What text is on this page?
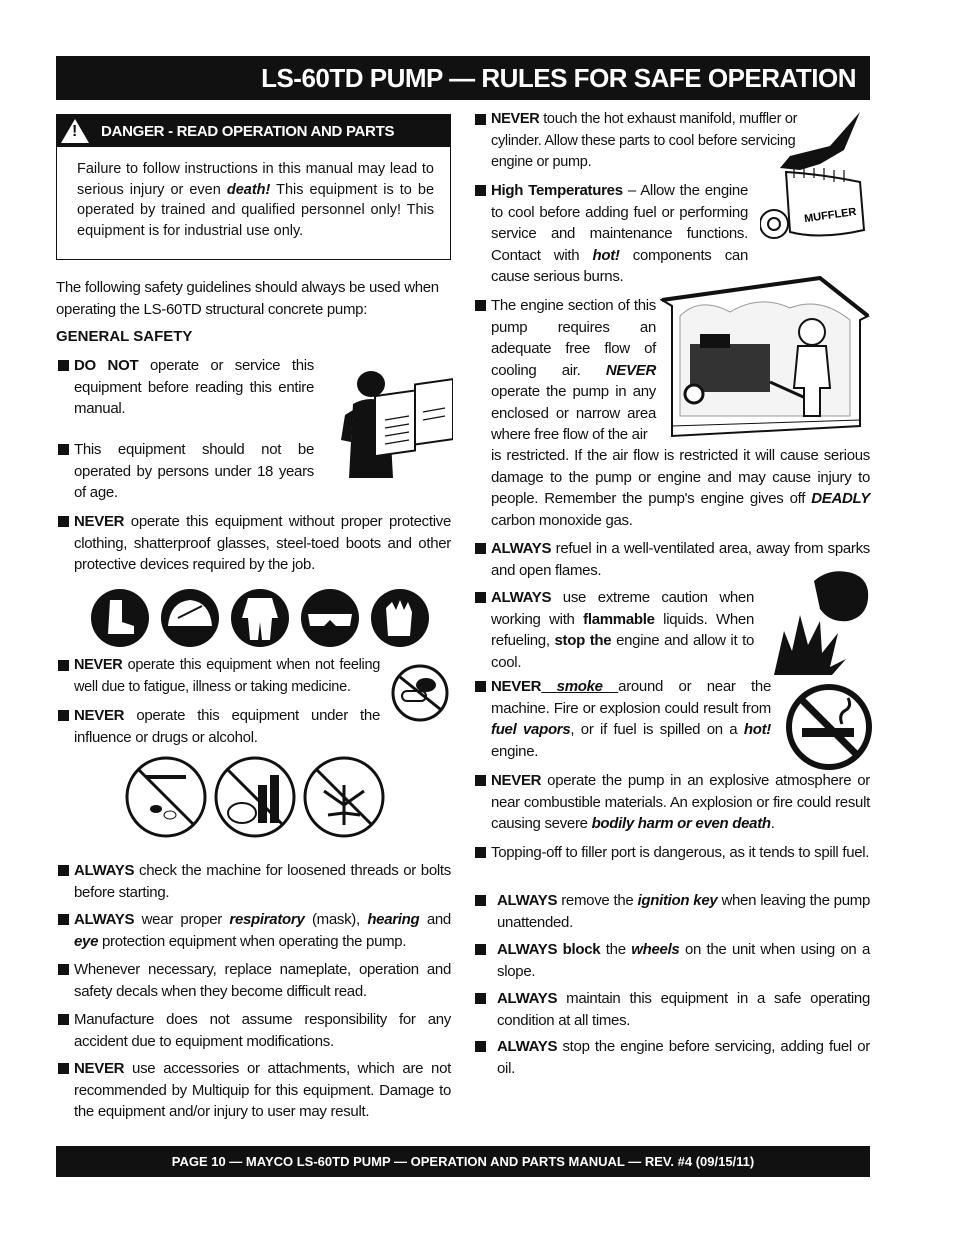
LS-60TD PUMP — RULES FOR SAFE OPERATION
!
DANGER - READ OPERATION AND PARTS
Failure to follow instructions in this manual may lead to serious injury or even death! This equipment is to be operated by trained and qualified personnel only! This equipment is for industrial use only.
The following safety guidelines should always be used when operating the LS-60TD structural concrete pump:
GENERAL SAFETY
DO NOT operate or service this equipment before reading this entire manual.
This equipment should not be operated by persons under 18 years of age.
NEVER operate this equipment without proper protective clothing, shatterproof glasses, steel-toed boots and other protective devices required by the job.
NEVER operate this equipment when not feeling well due to fatigue, illness or taking medicine.
NEVER operate this equipment under the influence or drugs or alcohol.
ALWAYS check the machine for loosened threads or bolts before starting.
ALWAYS wear proper respiratory (mask), hearing and eye protection equipment when operating the pump.
Whenever necessary, replace nameplate, operation and safety decals when they become difficult read.
Manufacture does not assume responsibility for any accident due to equipment modifications.
NEVER use accessories or attachments, which are not recommended by Multiquip for this equipment. Damage to the equipment and/or injury to user may result.
NEVER touch the hot exhaust manifold, muffler or cylinder. Allow these parts to cool before servicing engine or pump.
MUFFLER
High Temperatures – Allow the engine to cool before adding fuel or performing service and maintenance functions. Contact with hot! components can cause serious burns.
The engine section of this pump requires an adequate free flow of cooling air. NEVER operate the pump in any enclosed or narrow area where free flow of the air
is restricted. If the air flow is restricted it will cause serious damage to the pump or engine and may cause injury to people. Remember the pump's engine gives off DEADLY carbon monoxide gas.
ALWAYS refuel in a well-ventilated area, away from sparks and open flames.
ALWAYS use extreme caution when working with flammable liquids. When refueling, stop the engine and allow it to cool.
NEVER smoke around or near the machine. Fire or explosion could result from fuel vapors, or if fuel is spilled on a hot! engine.
NEVER operate the pump in an explosive atmosphere or near combustible materials. An explosion or fire could result causing severe bodily harm or even death.
Topping-off to filler port is dangerous, as it tends to spill fuel.
ALWAYS remove the ignition key when leaving the pump unattended.
ALWAYS block the wheels on the unit when using on a slope.
ALWAYS maintain this equipment in a safe operating condition at all times.
ALWAYS stop the engine before servicing, adding fuel or oil.
PAGE 10 — MAYCO LS-60TD PUMP — OPERATION AND PARTS MANUAL — REV. #4 (09/15/11)
